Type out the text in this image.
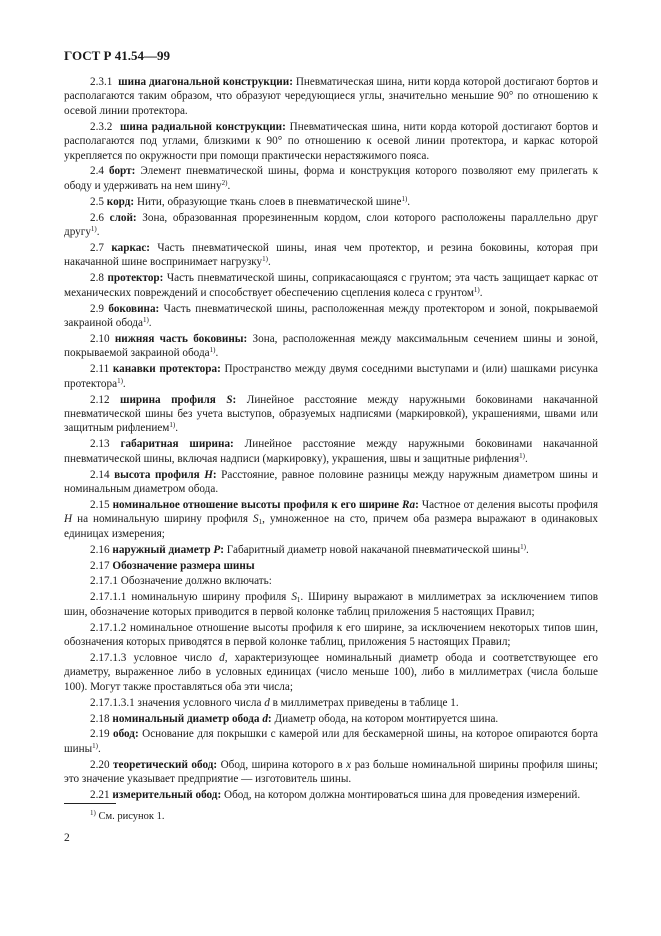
ГОСТ Р 41.54—99

2.3.1 шина диагональной конструкции: Пневматическая шина, нити корда которой достигают бортов и располагаются таким образом, что образуют чередующиеся углы, значительно меньшие 90° по отношению к осевой линии протектора.

2.3.2 шина радиальной конструкции: Пневматическая шина, нити корда которой достигают бортов и располагаются под углами, близкими к 90° по отношению к осевой линии протектора, и каркас которой укрепляется по окружности при помощи практически нерастяжимого пояса.

2.4 борт: Элемент пневматической шины, форма и конструкция которого позволяют ему прилегать к ободу и удерживать на нем шину$^{2)}$.

2.5 корд: Нити, образующие ткань слоев в пневматической шине$^{1)}$.

2.6 слой: Зона, образованная прорезиненным кордом, слои которого расположены параллельно друг другу$^{1)}$.

2.7 каркас: Часть пневматической шины, иная чем протектор, и резина боковины, которая при накачанной шине воспринимает нагрузку$^{1)}$.

2.8 протектор: Часть пневматической шины, соприкасающаяся с грунтом; эта часть защищает каркас от механических повреждений и способствует обеспечению сцепления колеса с грунтом$^{1)}$.

2.9 боковина: Часть пневматической шины, расположенная между протектором и зоной, покрываемой закраиной обода$^{1)}$.

2.10 нижняя часть боковины: Зона, расположенная между максимальным сечением шины и зоной, покрываемой закраиной обода$^{1)}$.

2.11 канавки протектора: Пространство между двумя соседними выступами и (или) шашками рисунка протектора$^{1)}$.

2.12 ширина профиля S: Линейное расстояние между наружными боковинами накачанной пневматической шины без учета выступов, образуемых надписями (маркировкой), украшениями, швами или защитным рифлением$^{1)}$.

2.13 габаритная ширина: Линейное расстояние между наружными боковинами накачанной пневматической шины, включая надписи (маркировку), украшения, швы и защитные рифления$^{1)}$.

2.14 высота профиля H: Расстояние, равное половине разницы между наружным диаметром шины и номинальным диаметром обода.

2.15 номинальное отношение высоты профиля к его ширине Ra: Частное от деления высоты профиля H на номинальную ширину профиля $S_1$, умноженное на сто, причем оба размера выражают в одинаковых единицах измерения;

2.16 наружный диаметр P: Габаритный диаметр новой накачаной пневматической шины$^{1)}$.

2.17 Обозначение размера шины

2.17.1 Обозначение должно включать:

2.17.1.1 номинальную ширину профиля $S_1$. Ширину выражают в миллиметрах за исключением типов шин, обозначение которых приводится в первой колонке таблиц приложения 5 настоящих Правил;

2.17.1.2 номинальное отношение высоты профиля к его ширине, за исключением некоторых типов шин, обозначения которых приводятся в первой колонке таблиц, приложения 5 настоящих Правил;

2.17.1.3 условное число d, характеризующее номинальный диаметр обода и соответствующее его диаметру, выраженное либо в условных единицах (число меньше 100), либо в миллиметрах (числа больше 100). Могут также проставляться оба эти числа;

2.17.1.3.1 значения условного числа d в миллиметрах приведены в таблице 1.

2.18 номинальный диаметр обода d: Диаметр обода, на котором монтируется шина.

2.19 обод: Основание для покрышки с камерой или для бескамерной шины, на которое опираются борта шины$^{1)}$.

2.20 теоретический обод: Обод, ширина которого в x раз больше номинальной ширины профиля шины; это значение указывает предприятие — изготовитель шины.

2.21 измерительный обод: Обод, на котором должна монтироваться шина для проведения измерений.

$^{1)}$ См. рисунок 1.
2
